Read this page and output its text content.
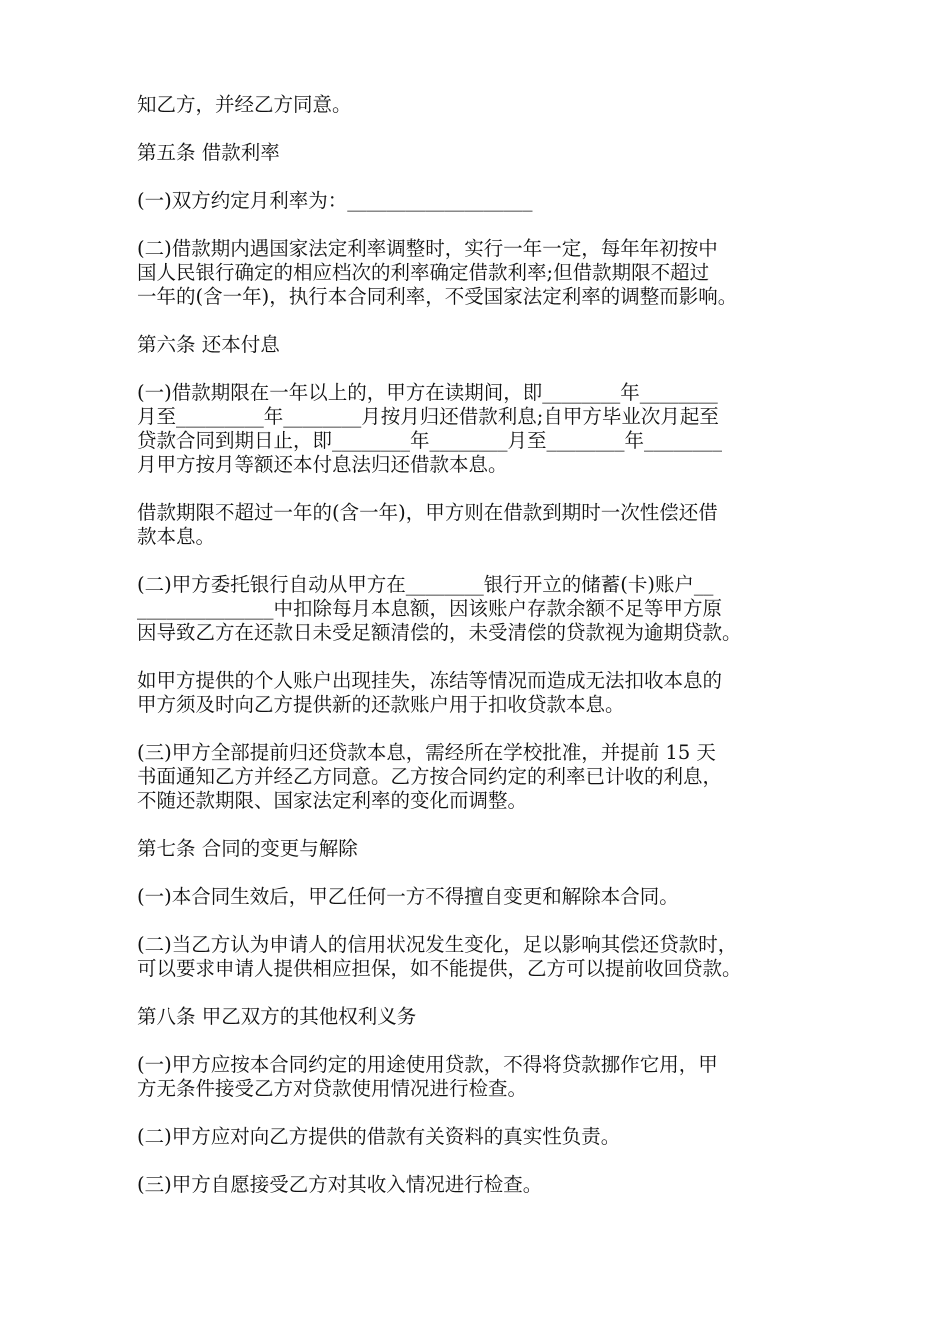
知乙方，并经乙方同意。
第五条 借款利率
(一)双方约定月利率为：___________________
(二)借款期内遇国家法定利率调整时，实行一年一定，每年年初按中
国人民银行确定的相应档次的利率确定借款利率;但借款期限不超过
一年的(含一年)，执行本合同利率，不受国家法定利率的调整而影响。
第六条 还本付息
(一)借款期限在一年以上的，甲方在读期间，即________年________
月至_________年________月按月归还借款利息;自甲方毕业次月起至
贷款合同到期日止，即________年________月至________年________
月甲方按月等额还本付息法归还借款本息。
借款期限不超过一年的(含一年)，甲方则在借款到期时一次性偿还借
款本息。
(二)甲方委托银行自动从甲方在________银行开立的储蓄(卡)账户__
______________中扣除每月本息额，因该账户存款余额不足等甲方原
因导致乙方在还款日未受足额清偿的，未受清偿的贷款视为逾期贷款。
如甲方提供的个人账户出现挂失，冻结等情况而造成无法扣收本息的
甲方须及时向乙方提供新的还款账户用于扣收贷款本息。
(三)甲方全部提前归还贷款本息，需经所在学校批准，并提前 15 天
书面通知乙方并经乙方同意。乙方按合同约定的利率已计收的利息，
不随还款期限、国家法定利率的变化而调整。
第七条 合同的变更与解除
(一)本合同生效后，甲乙任何一方不得擅自变更和解除本合同。
(二)当乙方认为申请人的信用状况发生变化，足以影响其偿还贷款时，
可以要求申请人提供相应担保，如不能提供，乙方可以提前收回贷款。
第八条 甲乙双方的其他权利义务
(一)甲方应按本合同约定的用途使用贷款，不得将贷款挪作它用，甲
方无条件接受乙方对贷款使用情况进行检查。
(二)甲方应对向乙方提供的借款有关资料的真实性负责。
(三)甲方自愿接受乙方对其收入情况进行检查。
